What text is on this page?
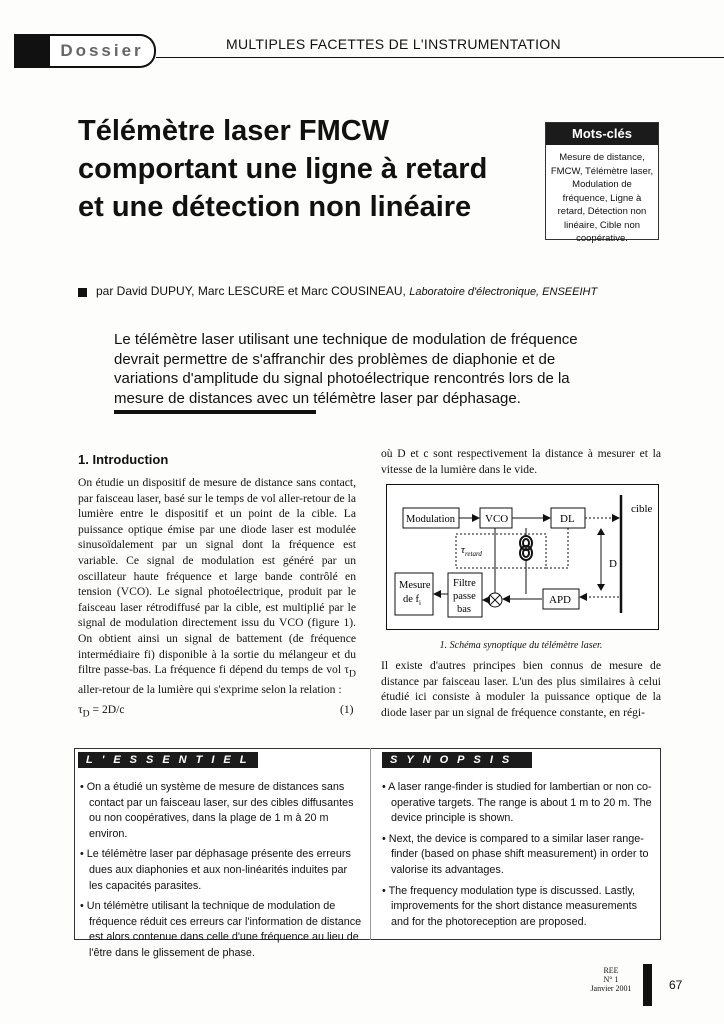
Dossier	MULTIPLES FACETTES DE L'INSTRUMENTATION
Télémètre laser FMCW comportant une ligne à retard et une détection non linéaire
Mots-clés
Mesure de distance, FMCW, Télémètre laser, Modulation de fréquence, Ligne à retard, Détection non linéaire, Cible non coopérative.
par David DUPUY, Marc LESCURE et Marc COUSINEAU, Laboratoire d'électronique, ENSEEIHT
Le télémètre laser utilisant une technique de modulation de fréquence devrait permettre de s'affranchir des problèmes de diaphonie et de variations d'amplitude du signal photoélectrique rencontrés lors de la mesure de distances avec un télémètre laser par déphasage.
1. Introduction
On étudie un dispositif de mesure de distance sans contact, par faisceau laser, basé sur le temps de vol aller-retour de la lumière entre le dispositif et un point de la cible. La puissance optique émise par une diode laser est modulée sinusoïdalement par un signal dont la fréquence est variable. Ce signal de modulation est généré par un oscillateur haute fréquence et large bande contrôlé en tension (VCO). Le signal photoélectrique, produit par le faisceau laser rétrodiffusé par la cible, est multiplié par le signal de modulation directement issu du VCO (figure 1). On obtient ainsi un signal de battement (de fréquence intermédiaire fi) disponible à la sortie du mélangeur et du filtre passe-bas. La fréquence fi dépend du temps de vol $\tau_D$ aller-retour de la lumière qui s'exprime selon la relation :
$\tau_D = 2D/c$	(1)
où D et c sont respectivement la distance à mesurer et la vitesse de la lumière dans le vide.
cible
Modulation	VCO	DL
$\tau_{retard}$
D
Mesure
de $f_i$
Filtre
passe
bas
APD
1. Schéma synoptique du télémètre laser.
Il existe d'autres principes bien connus de mesure de distance par faisceau laser. L'un des plus similaires à celui étudié ici consiste à moduler la puissance optique de la diode laser par un signal de fréquence constante, en régi-
L'ESSENTIEL	SYNOPSIS

• On a étudié un système de mesure de distances sans contact par un faisceau laser, sur des cibles diffusantes ou non coopératives, dans la plage de 1 m à 20 m environ.

• Le télémètre laser par déphasage présente des erreurs dues aux diaphonies et aux non-linéarités induites par les capacités parasites.

• Un télémètre utilisant la technique de modulation de fréquence réduit ces erreurs car l'information de distance est alors contenue dans celle d'une fréquence au lieu de l'être dans le glissement de phase.

• A laser range-finder is studied for lambertian or non co-operative targets. The range is about 1 m to 20 m. The device principle is shown.

• Next, the device is compared to a similar laser range-finder (based on phase shift measurement) in order to valorise its advantages.

• The frequency modulation type is discussed. Lastly, improvements for the short distance measurements and for the photoreception are proposed.

REE
N° 1
Janvier 2001	67
